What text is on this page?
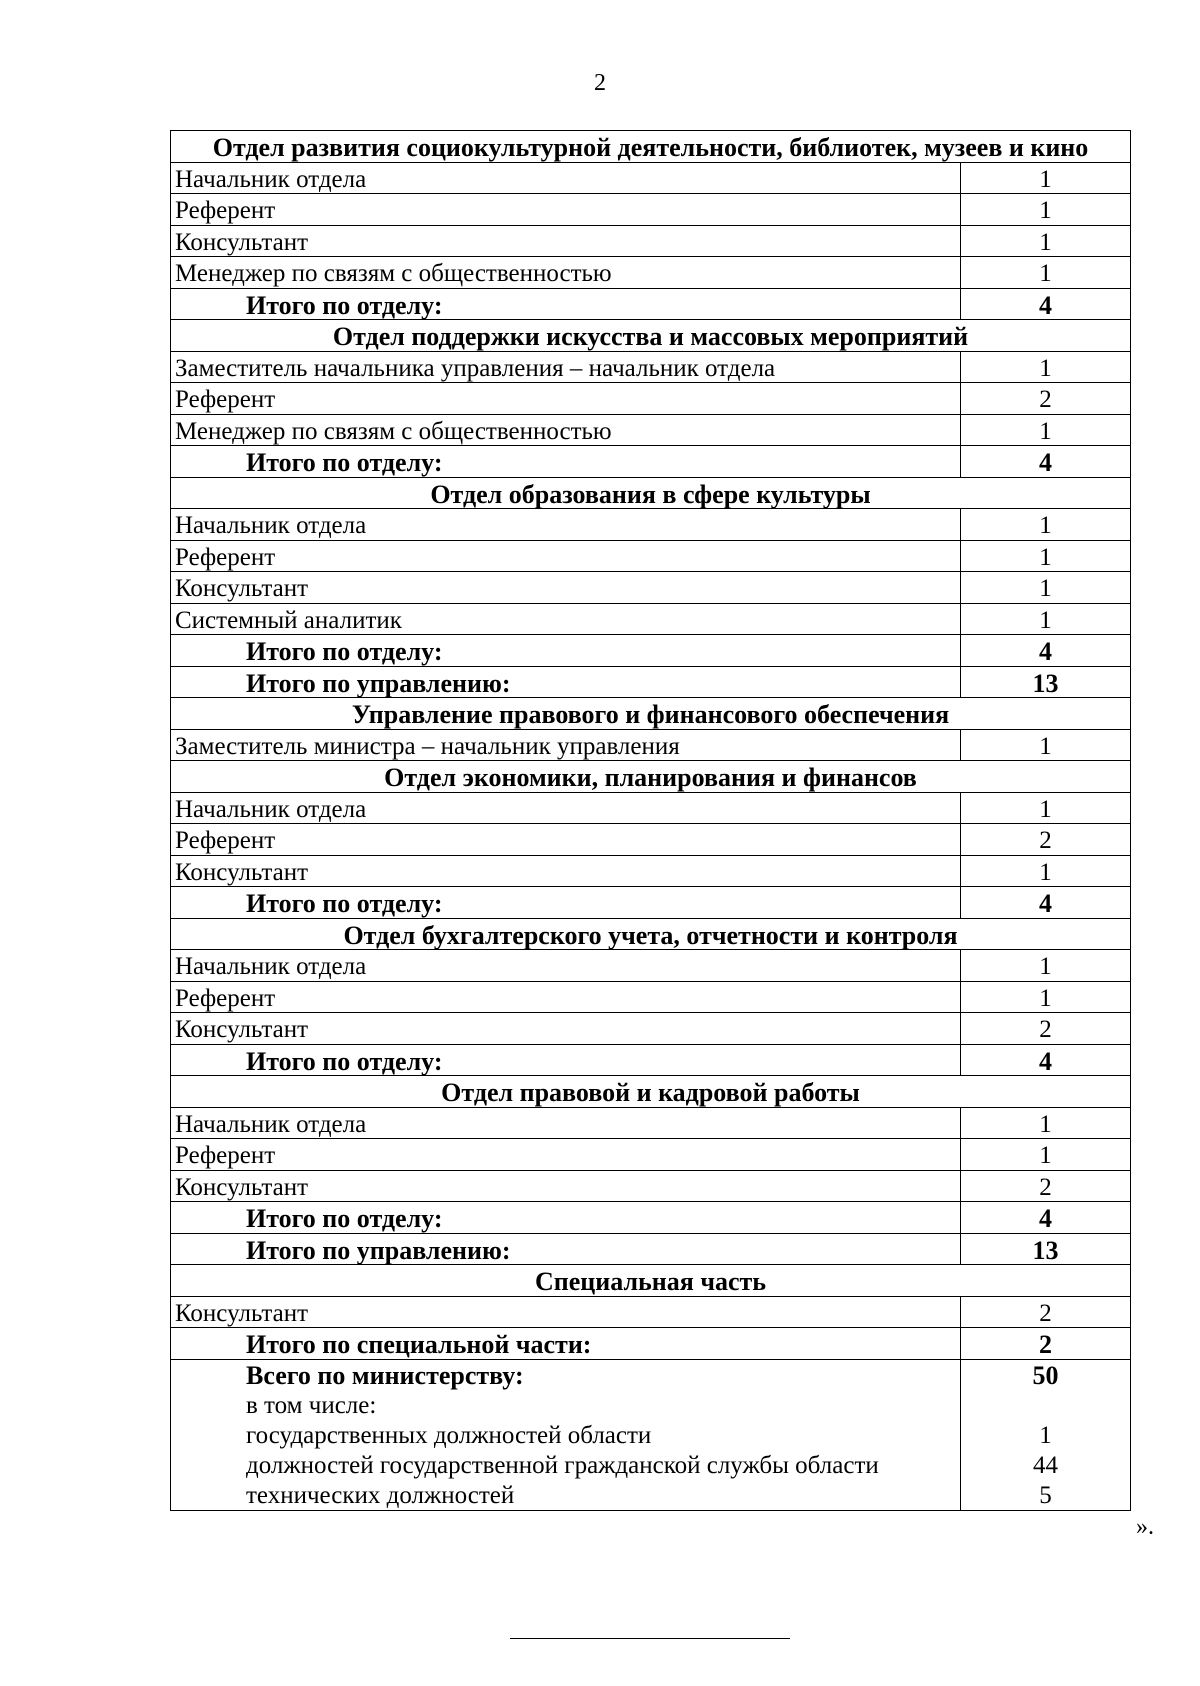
2
Отдел развития социокультурной деятельности, библиотек, музеев и кино	
Начальник отдела	1
Референт	1
Консультант	1
Менеджер по связям с общественностью	1
Итого по отделу:	4
Отдел поддержки искусства и массовых мероприятий	
Заместитель начальника управления – начальник отдела	1
Референт	2
Менеджер по связям с общественностью	1
Итого по отделу:	4
Отдел образования в сфере культуры	
Начальник отдела	1
Референт	1
Консультант	1
Системный аналитик	1
Итого по отделу:	4
Итого по управлению:	13
Управление правового и финансового обеспечения	
Заместитель министра – начальник управления	1
Отдел экономики, планирования и финансов	
Начальник отдела	1
Референт	2
Консультант	1
Итого по отделу:	4
Отдел бухгалтерского учета, отчетности и контроля	
Начальник отдела	1
Референт	1
Консультант	2
Итого по отделу:	4
Отдел правовой и кадровой работы	
Начальник отдела	1
Референт	1
Консультант	2
Итого по отделу:	4
Итого по управлению:	13
Специальная часть	
Консультант	2
Итого по специальной части:	2
Всего по министерству:	50
в том числе:	
государственных должностей области	1
должностей государственной гражданской службы области	44
технических должностей	5
».
